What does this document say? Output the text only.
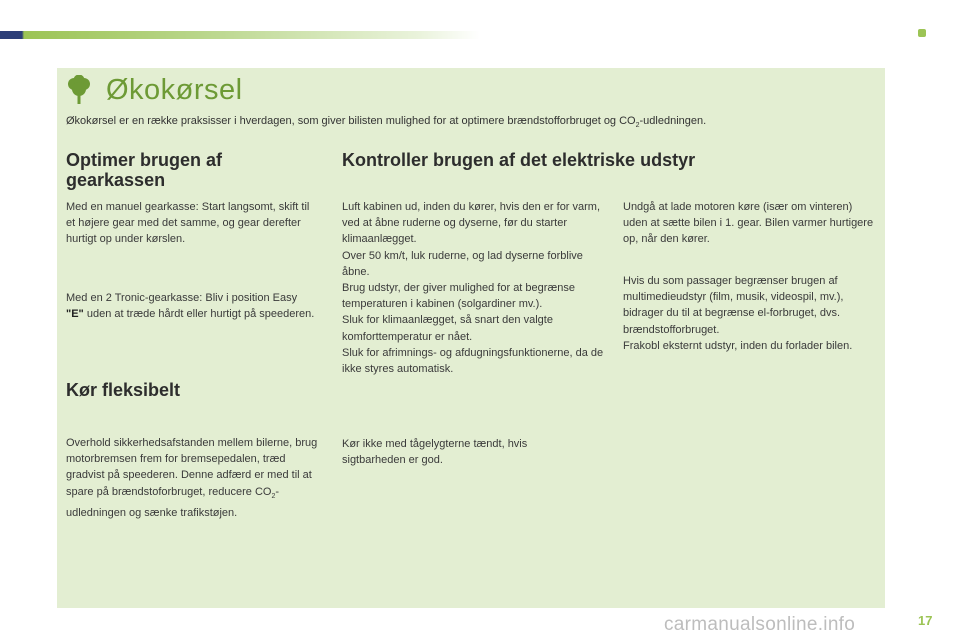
Økokørsel
Økokørsel er en række praksisser i hverdagen, som giver bilisten mulighed for at optimere brændstofforbruget og $CO_2$-udledningen.
Optimer brugen af gearkassen
Med en manuel gearkasse: Start langsomt, skift til et højere gear med det samme, og gear derefter hurtigt op under kørslen.
Med en 2 Tronic-gearkasse: Bliv i position Easy "E" uden at træde hårdt eller hurtigt på speederen.
Kør fleksibelt
Overhold sikkerhedsafstanden mellem bilerne, brug motorbremsen frem for bremsepedalen, træd gradvist på speederen. Denne adfærd er med til at spare på brændstoforbruget, reducere $CO_2$-udledningen og sænke trafikstøjen.
Kontroller brugen af det elektriske udstyr
Luft kabinen ud, inden du kører, hvis den er for varm, ved at åbne ruderne og dyserne, før du starter klimaanlægget.
Over 50 km/t, luk ruderne, og lad dyserne forblive åbne.
Brug udstyr, der giver mulighed for at begrænse temperaturen i kabinen (solgardiner mv.).
Sluk for klimaanlægget, så snart den valgte komforttemperatur er nået.
Sluk for afrimnings- og afdugningsfunktionerne, da de ikke styres automatisk.
Kør ikke med tågelygterne tændt, hvis sigtbarheden er god.
Undgå at lade motoren køre (især om vinteren) uden at sætte bilen i 1. gear. Bilen varmer hurtigere op, når den kører.
Hvis du som passager begrænser brugen af multimedieudstyr (film, musik, videospil, mv.), bidrager du til at begrænse el-forbruget, dvs. brændstofforbruget.
Frakobl eksternt udstyr, inden du forlader bilen.
carmanualsonline.info	17
